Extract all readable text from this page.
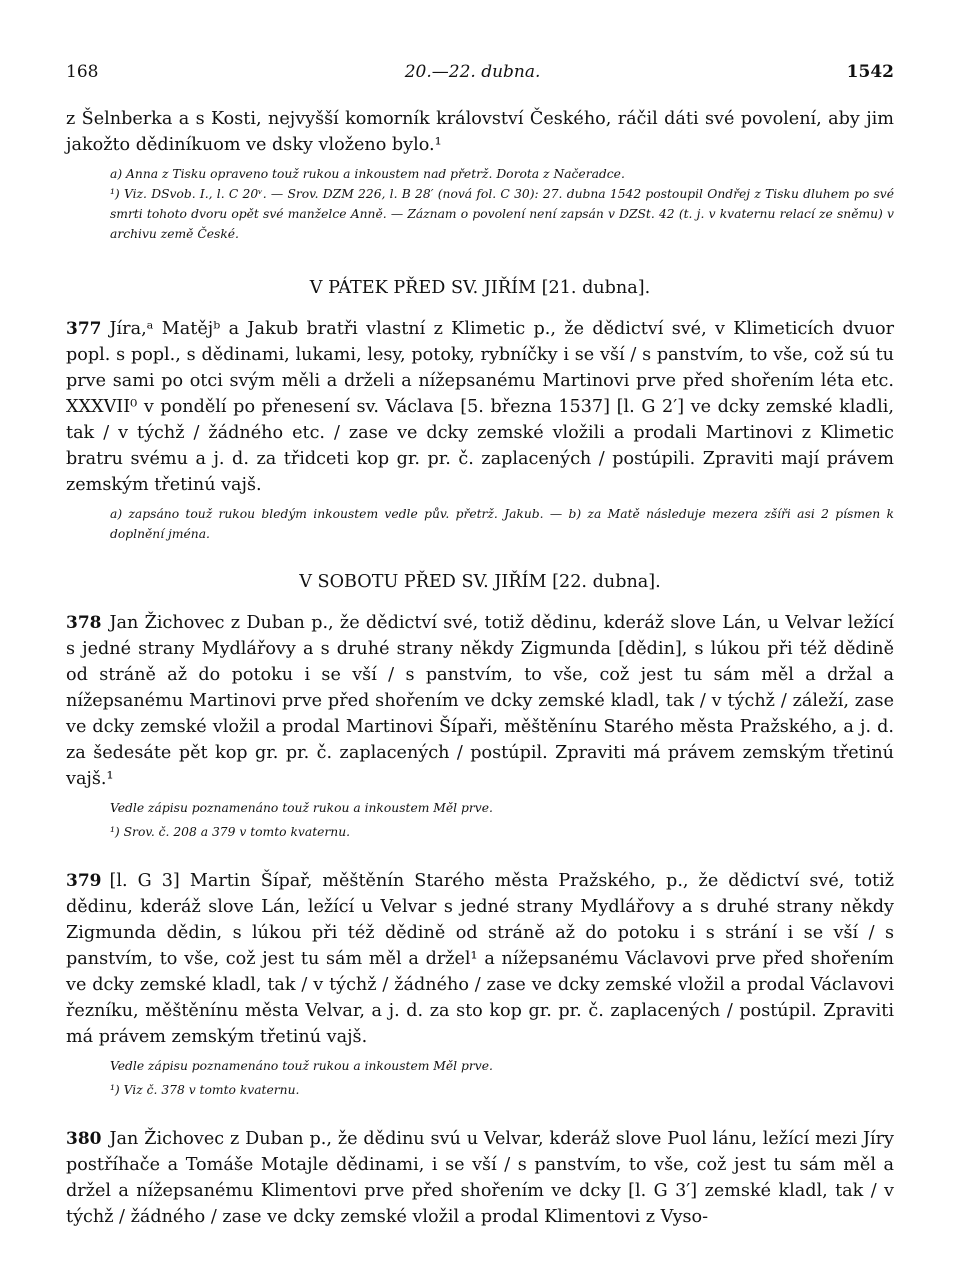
168	20.—22. dubna.	1542

z Šelnberka a s Kosti, nejvyšší komorník království Českého, ráčil dáti své povolení, aby jim jakožto dědiníkuom ve dsky vloženo bylo.¹

a) Anna z Tisku opraveno touž rukou a inkoustem nad přetrž. Dorota z Načeradce.

¹) Viz. DSvob. I., l. C 20ᵛ. — Srov. DZM 226, l. B 28′ (nová fol. C 30): 27. dubna 1542 postoupil Ondřej z Tisku dluhem po své smrti tohoto dvoru opět své manželce Anně. — Záznam o povolení není zapsán v DZSt. 42 (t. j. v kvaternu relací ze sněmu) v archivu země České.

V PÁTEK PŘED SV. JIŘÍM [21. dubna].

377 Jíra,ᵃ Matějᵇ a Jakub bratři vlastní z Klimetic p., že dědictví své, v Klimeticích dvuor popl. s popl., s dědinami, lukami, lesy, potoky, rybníčky i se vší / s panstvím, to vše, což sú tu prve sami po otci svým měli a drželi a nížepsanému Martinovi prve před shořením léta etc. XXXVII⁰ v pondělí po přenesení sv. Václava [5. března 1537] [l. G 2′] ve dcky zemské kladli, tak / v týchž / žádného etc. / zase ve dcky zemské vložili a prodali Martinovi z Klimetic bratru svému a j. d. za třidceti kop gr. pr. č. zaplacených / postúpili. Zpraviti mají právem zemským třetinú vajš.

a) zapsáno touž rukou bledým inkoustem vedle pův. přetrž. Jakub. — b) za Matě následuje mezera zšíři asi 2 písmen k doplnění jména.

V SOBOTU PŘED SV. JIŘÍM [22. dubna].

378 Jan Žichovec z Duban p., že dědictví své, totiž dědinu, kderáž slove Lán, u Velvar ležící s jedné strany Mydlářovy a s druhé strany někdy Zigmunda [dědin], s lúkou při též dědině od stráně až do potoku i se vší / s panstvím, to vše, což jest tu sám měl a držal a nížepsanému Martinovi prve před shořením ve dcky zemské kladl, tak / v týchž / záleží, zase ve dcky zemské vložil a prodal Martinovi Šípaři, měštěnínu Starého města Pražského, a j. d. za šedesáte pět kop gr. pr. č. zaplacených / postúpil. Zpraviti má právem zemským třetinú vajš.¹

Vedle zápisu poznamenáno touž rukou a inkoustem Měl prve.

¹) Srov. č. 208 a 379 v tomto kvaternu.

379 [l. G 3] Martin Šípař, měštěnín Starého města Pražského, p., že dědictví své, totiž dědinu, kderáž slove Lán, ležící u Velvar s jedné strany Mydlářovy a s druhé strany někdy Zigmunda dědin, s lúkou při též dědině od stráně až do potoku i s strání i se vší / s panstvím, to vše, což jest tu sám měl a držel¹ a nížepsanému Václavovi prve před shořením ve dcky zemské kladl, tak / v týchž / žádného / zase ve dcky zemské vložil a prodal Václavovi řezníku, měštěnínu města Velvar, a j. d. za sto kop gr. pr. č. zaplacených / postúpil. Zpraviti má právem zemským třetinú vajš.

Vedle zápisu poznamenáno touž rukou a inkoustem Měl prve.

¹) Viz č. 378 v tomto kvaternu.

380 Jan Žichovec z Duban p., že dědinu svú u Velvar, kderáž slove Puol lánu, ležící mezi Jíry postříhače a Tomáše Motajle dědinami, i se vší / s panstvím, to vše, což jest tu sám měl a držel a nížepsanému Klimentovi prve před shořením ve dcky [l. G 3′] zemské kladl, tak / v týchž / žádného / zase ve dcky zemské vložil a prodal Klimentovi z Vyso-
